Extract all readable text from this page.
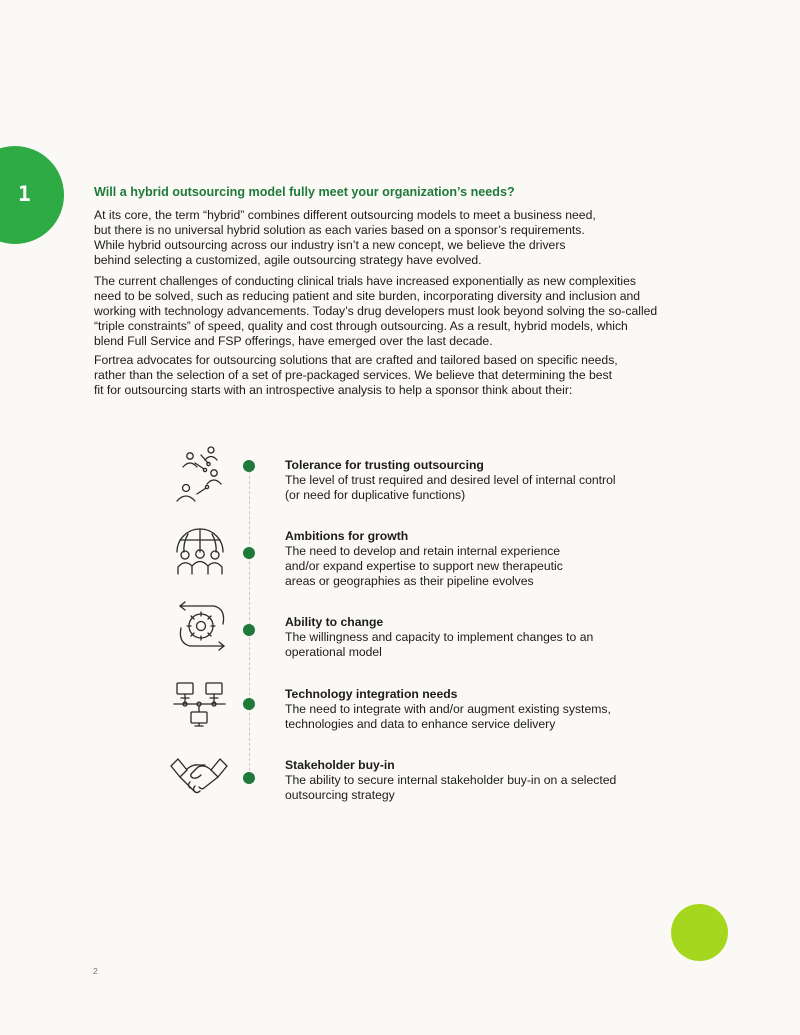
1	Will a hybrid outsourcing model fully meet your organization’s needs?

At its core, the term “hybrid” combines different outsourcing models to meet a business need,
but there is no universal hybrid solution as each varies based on a sponsor’s requirements.
While hybrid outsourcing across our industry isn’t a new concept, we believe the drivers
behind selecting a customized, agile outsourcing strategy have evolved.

The current challenges of conducting clinical trials have increased exponentially as new complexities
need to be solved, such as reducing patient and site burden, incorporating diversity and inclusion and
working with technology advancements. Today’s drug developers must look beyond solving the so-called
“triple constraints” of speed, quality and cost through outsourcing. As a result, hybrid models, which
blend Full Service and FSP offerings, have emerged over the last decade.

Fortrea advocates for outsourcing solutions that are crafted and tailored based on specific needs,
rather than the selection of a set of pre-packaged services. We believe that determining the best
fit for outsourcing starts with an introspective analysis to help a sponsor think about their:

Tolerance for trusting outsourcing

The level of trust required and desired level of internal control
(or need for duplicative functions)

Ambitions for growth

The need to develop and retain internal experience
and/or expand expertise to support new therapeutic
areas or geographies as their pipeline evolves

Ability to change

The willingness and capacity to implement changes to an
operational model

Technology integration needs

The need to integrate with and/or augment existing systems,
technologies and data to enhance service delivery

Stakeholder buy-in

The ability to secure internal stakeholder buy-in on a selected
outsourcing strategy

2
